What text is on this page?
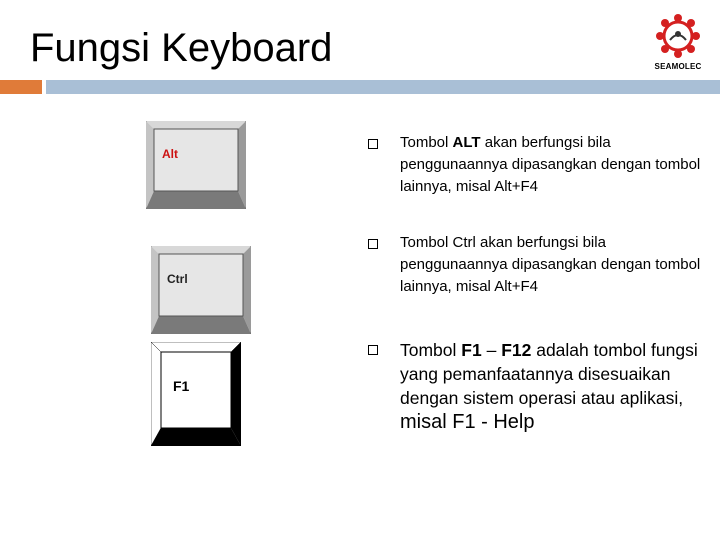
Fungsi Keyboard	SEAMOLEC
Alt
Ctrl
F1
Tombol ALT akan berfungsi bila penggunaannya dipasangkan dengan tombol lainnya, misal Alt+F4
Tombol Ctrl akan berfungsi bila penggunaannya dipasangkan dengan tombol lainnya, misal Alt+F4
Tombol F1 – F12 adalah tombol fungsi yang pemanfaatannya disesuaikan dengan sistem operasi atau aplikasi, misal F1 - Help
